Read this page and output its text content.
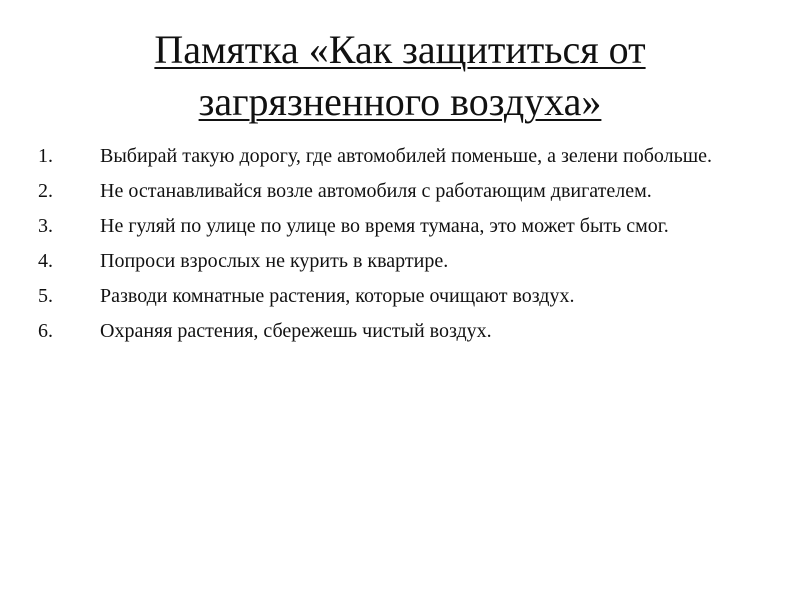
Памятка «Как защититься от
загрязненного воздуха»
1.	Выбирай такую дорогу, где автомобилей поменьше, а зелени побольше.
2.	Не останавливайся возле автомобиля с работающим двигателем.
3.	Не гуляй по улице по улице во время тумана, это может быть смог.
4.	Попроси взрослых не курить в квартире.
5.	Разводи комнатные растения, которые очищают воздух.
6.	Охраняя растения, сбережешь чистый воздух.
